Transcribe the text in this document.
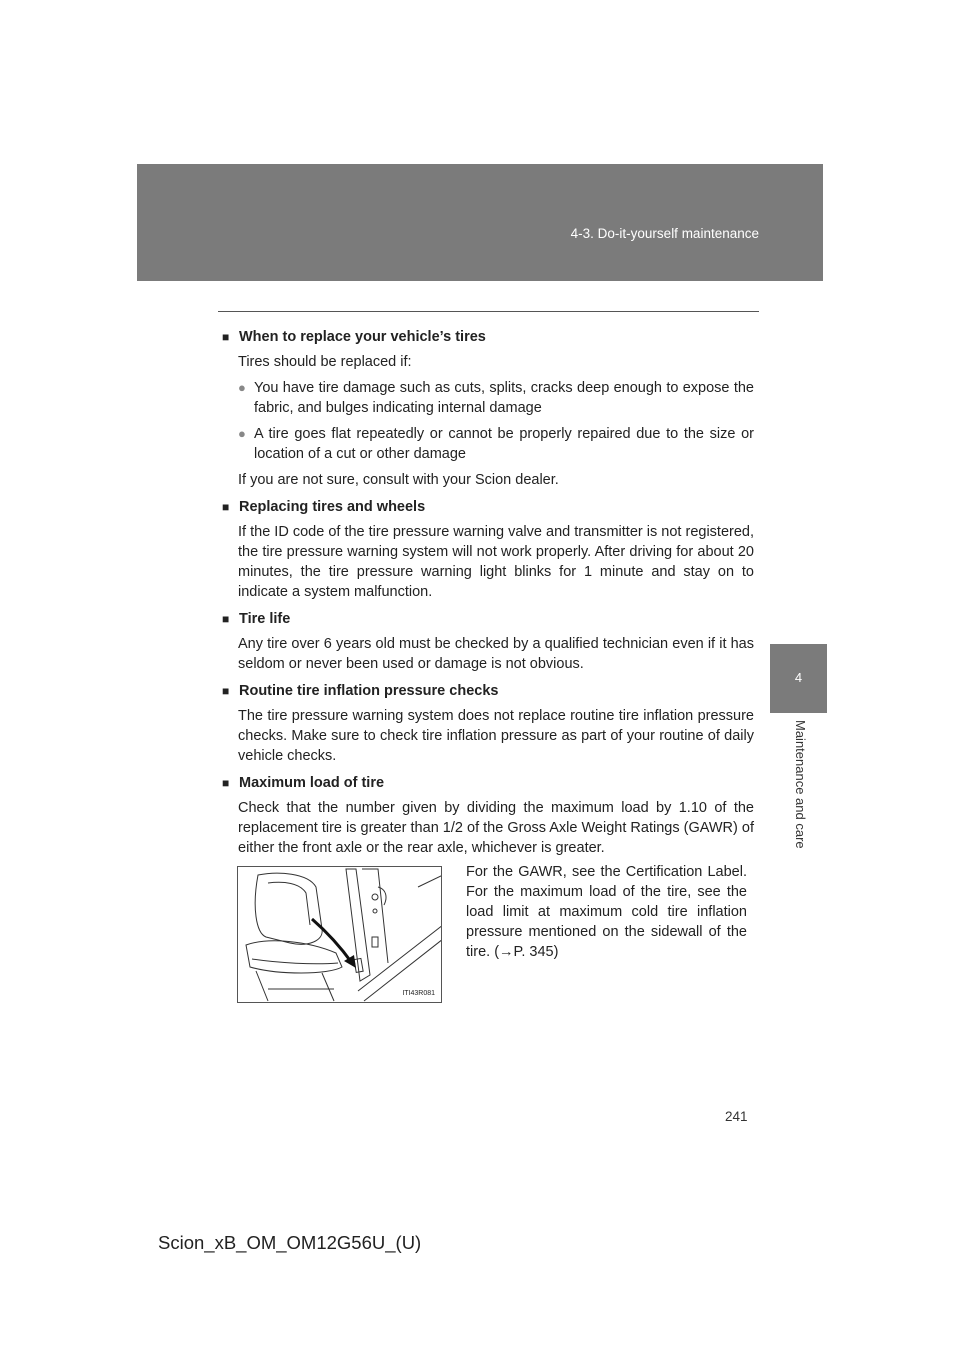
4-3. Do-it-yourself maintenance
4
Maintenance and care
■ When to replace your vehicle’s tires
Tires should be replaced if:
● You have tire damage such as cuts, splits, cracks deep enough to expose the fabric, and bulges indicating internal damage
● A tire goes flat repeatedly or cannot be properly repaired due to the size or location of a cut or other damage
If you are not sure, consult with your Scion dealer.
■ Replacing tires and wheels
If the ID code of the tire pressure warning valve and transmitter is not registered, the tire pressure warning system will not work properly. After driving for about 20 minutes, the tire pressure warning light blinks for 1 minute and stay on to indicate a system malfunction.
■ Tire life
Any tire over 6 years old must be checked by a qualified technician even if it has seldom or never been used or damage is not obvious.
■ Routine tire inflation pressure checks
The tire pressure warning system does not replace routine tire inflation pressure checks. Make sure to check tire inflation pressure as part of your routine of daily vehicle checks.
■ Maximum load of tire
Check that the number given by dividing the maximum load by 1.10 of the replacement tire is greater than 1/2 of the Gross Axle Weight Ratings (GAWR) of either the front axle or the rear axle, whichever is greater.
ITI43R081
For the GAWR, see the Certification Label. For the maximum load of the tire, see the load limit at maximum cold tire inflation pressure mentioned on the sidewall of the tire. (→P. 345)
241
Scion_xB_OM_OM12G56U_(U)
